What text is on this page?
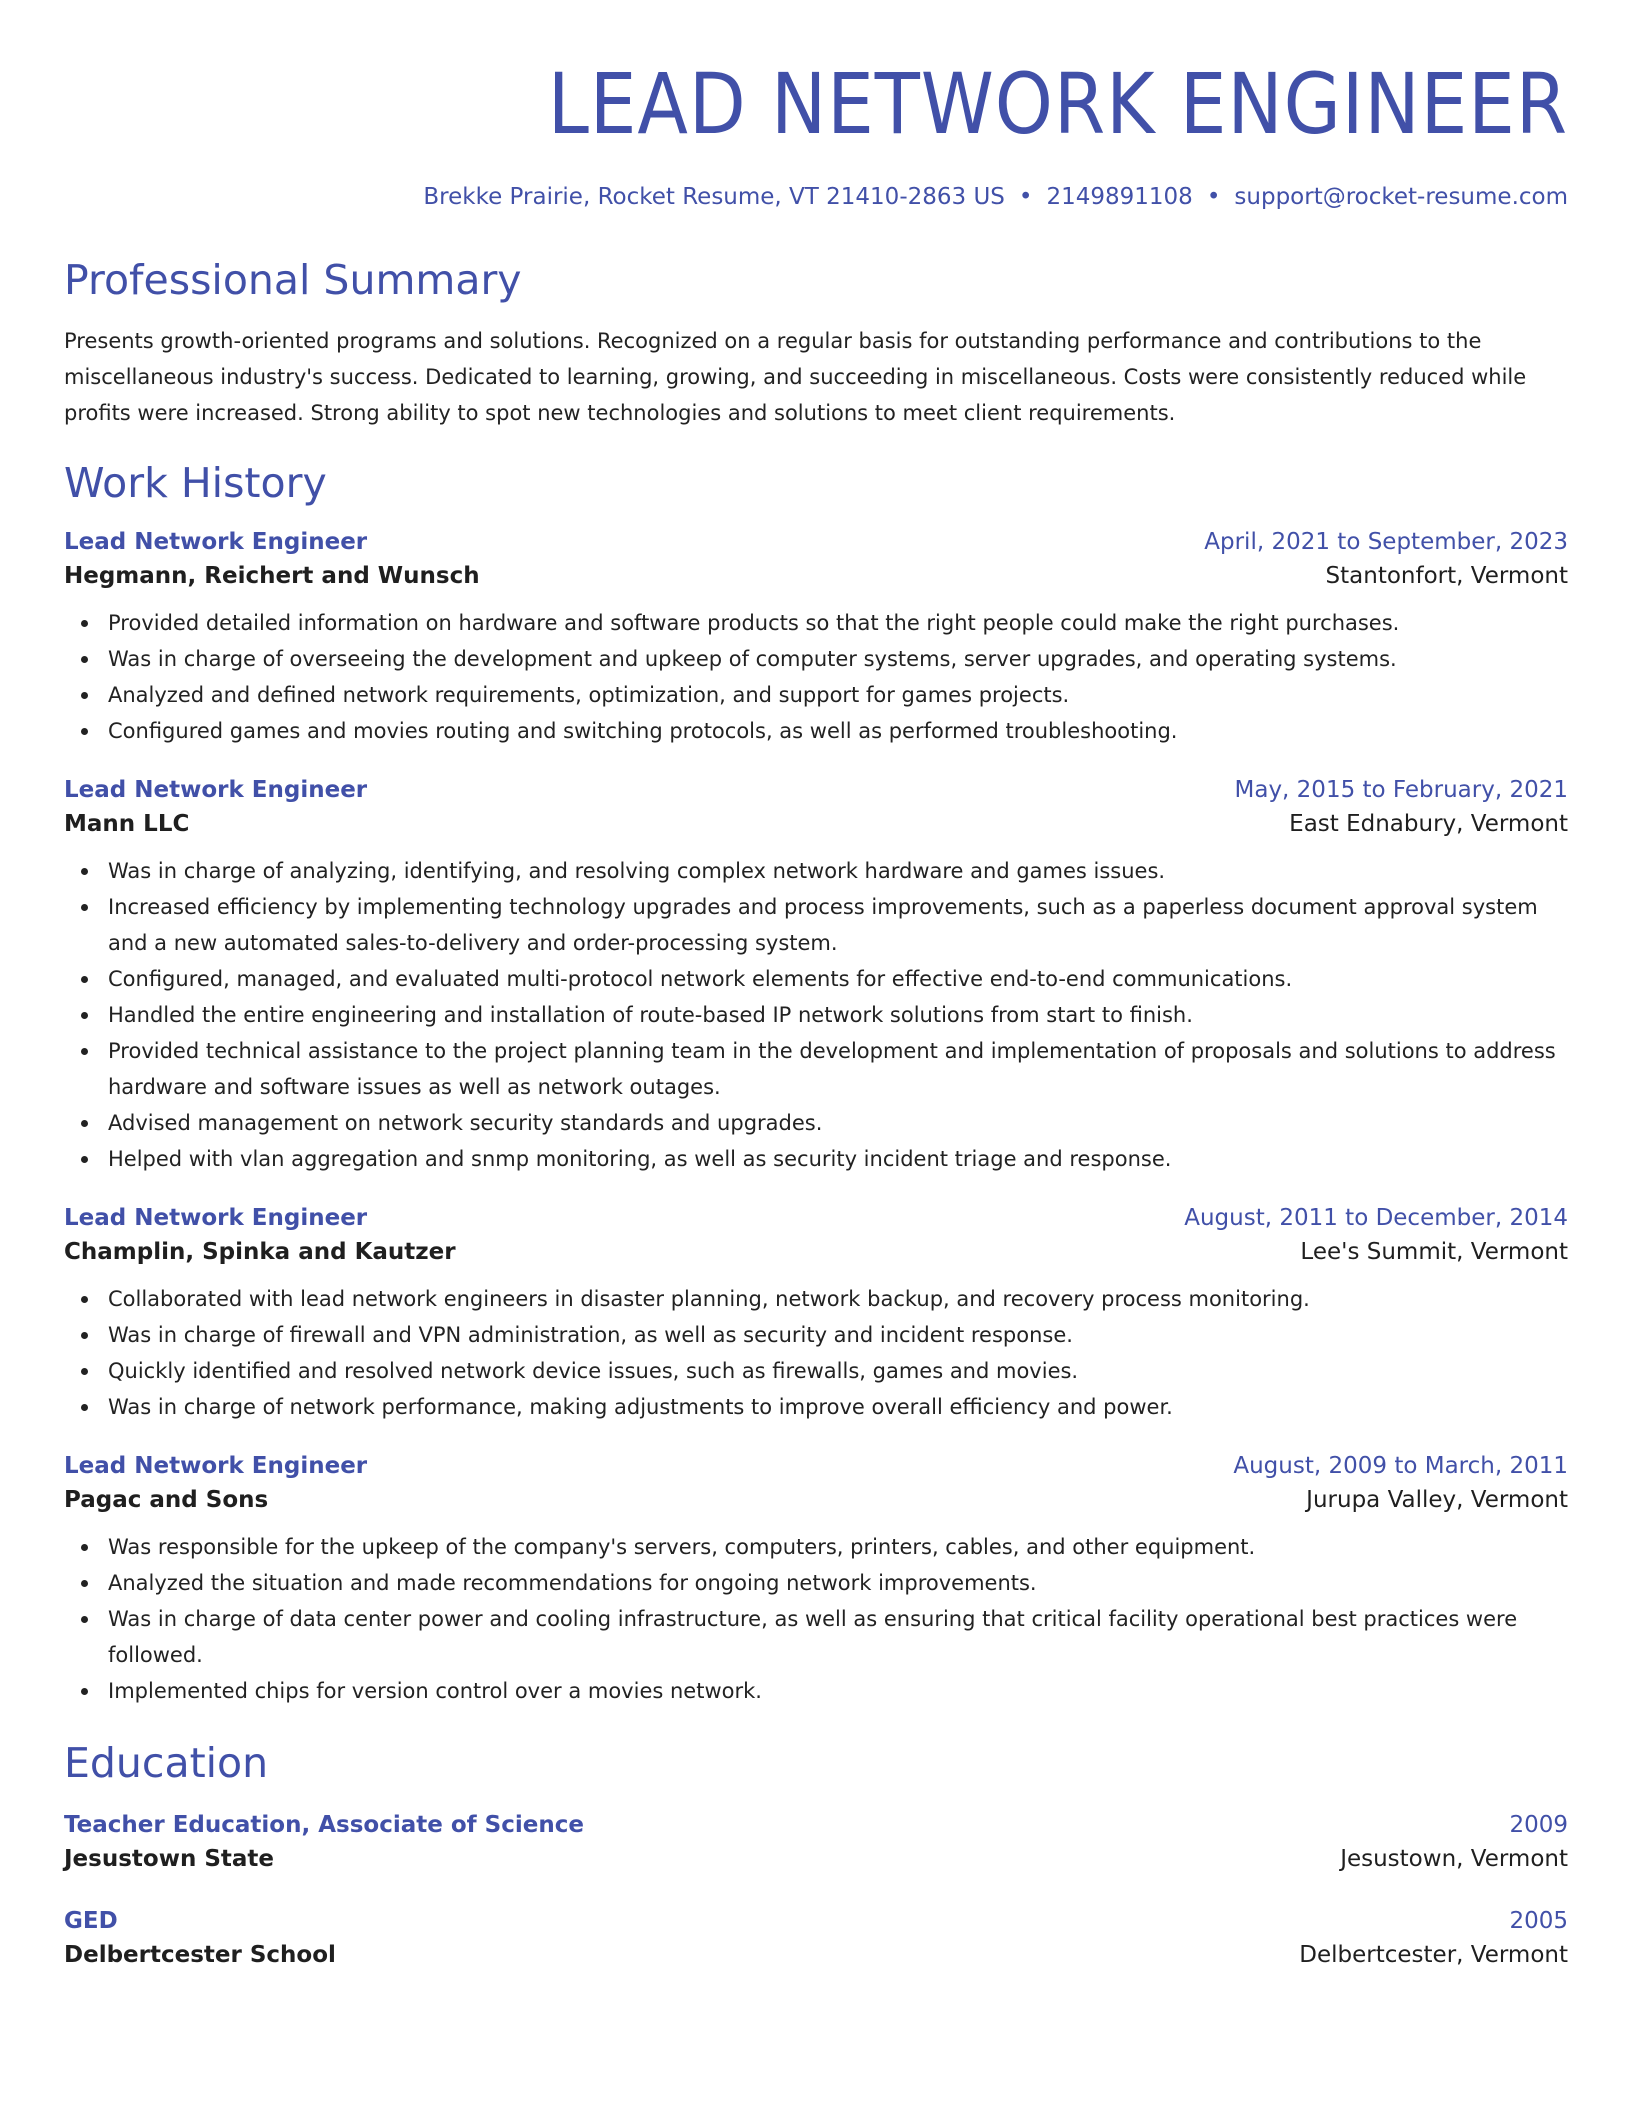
LEAD NETWORK ENGINEER
Brekke Prairie, Rocket Resume, VT 21410-2863 US • 2149891108 • support@rocket-resume.com
Professional Summary

Presents growth-oriented programs and solutions. Recognized on a regular basis for outstanding performance and contributions to the miscellaneous industry's success. Dedicated to learning, growing, and succeeding in miscellaneous. Costs were consistently reduced while profits were increased. Strong ability to spot new technologies and solutions to meet client requirements.

Work History
Lead Network Engineer	April, 2021 to September, 2023
Hegmann, Reichert and Wunsch	Stantonfort, Vermont
Provided detailed information on hardware and software products so that the right people could make the right purchases.
Was in charge of overseeing the development and upkeep of computer systems, server upgrades, and operating systems.
Analyzed and defined network requirements, optimization, and support for games projects.
Configured games and movies routing and switching protocols, as well as performed troubleshooting.
Lead Network Engineer	May, 2015 to February, 2021
Mann LLC	East Ednabury, Vermont
Was in charge of analyzing, identifying, and resolving complex network hardware and games issues.
Increased efficiency by implementing technology upgrades and process improvements, such as a paperless document approval system and a new automated sales-to-delivery and order-processing system.
Configured, managed, and evaluated multi-protocol network elements for effective end-to-end communications.
Handled the entire engineering and installation of route-based IP network solutions from start to finish.
Provided technical assistance to the project planning team in the development and implementation of proposals and solutions to address hardware and software issues as well as network outages.
Advised management on network security standards and upgrades.
Helped with vlan aggregation and snmp monitoring, as well as security incident triage and response.
Lead Network Engineer	August, 2011 to December, 2014
Champlin, Spinka and Kautzer	Lee's Summit, Vermont
Collaborated with lead network engineers in disaster planning, network backup, and recovery process monitoring.
Was in charge of firewall and VPN administration, as well as security and incident response.
Quickly identified and resolved network device issues, such as firewalls, games and movies.
Was in charge of network performance, making adjustments to improve overall efficiency and power.
Lead Network Engineer	August, 2009 to March, 2011
Pagac and Sons	Jurupa Valley, Vermont
Was responsible for the upkeep of the company's servers, computers, printers, cables, and other equipment.
Analyzed the situation and made recommendations for ongoing network improvements.
Was in charge of data center power and cooling infrastructure, as well as ensuring that critical facility operational best practices were followed.
Implemented chips for version control over a movies network.
Education
Teacher Education, Associate of Science	2009
Jesustown State	Jesustown, Vermont
GED	2005
Delbertcester School	Delbertcester, Vermont
